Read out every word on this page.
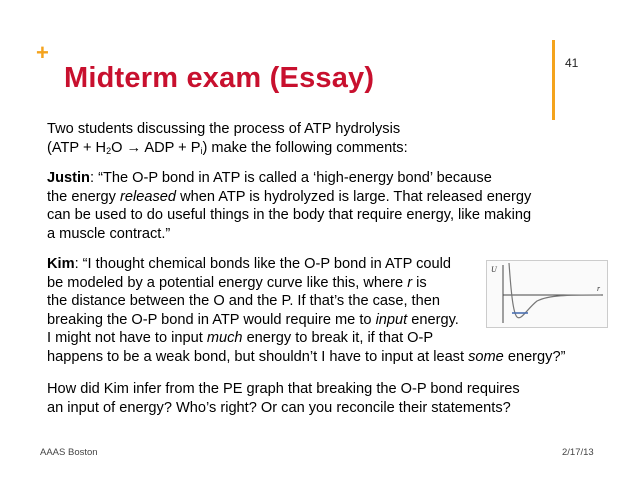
+
Midterm exam (Essay)	41

Two students discussing the process of ATP hydrolysis

($ATP + H_2O$ → ADP + $P_i$) make the following comments:

Justin: “The O-P bond in ATP is called a ‘high-energy bond’ because

the energy released when ATP is hydrolyzed is large. That released energy

can be used to do useful things in the body that require energy, like making

a muscle contract.”

Kim: “I thought chemical bonds like the O-P bond in ATP could

be modeled by a potential energy curve like this, where r is

the distance between the O and the P. If that’s the case, then

breaking the O-P bond in ATP would require me to input energy.

I might not have to input much energy to break it, if that O-P

happens to be a weak bond, but shouldn’t I have to input at least some energy?”

How did Kim infer from the PE graph that breaking the O-P bond requires

an input of energy? Who’s right? Or can you reconcile their statements?

U
r
AAAS Boston	2/17/13
